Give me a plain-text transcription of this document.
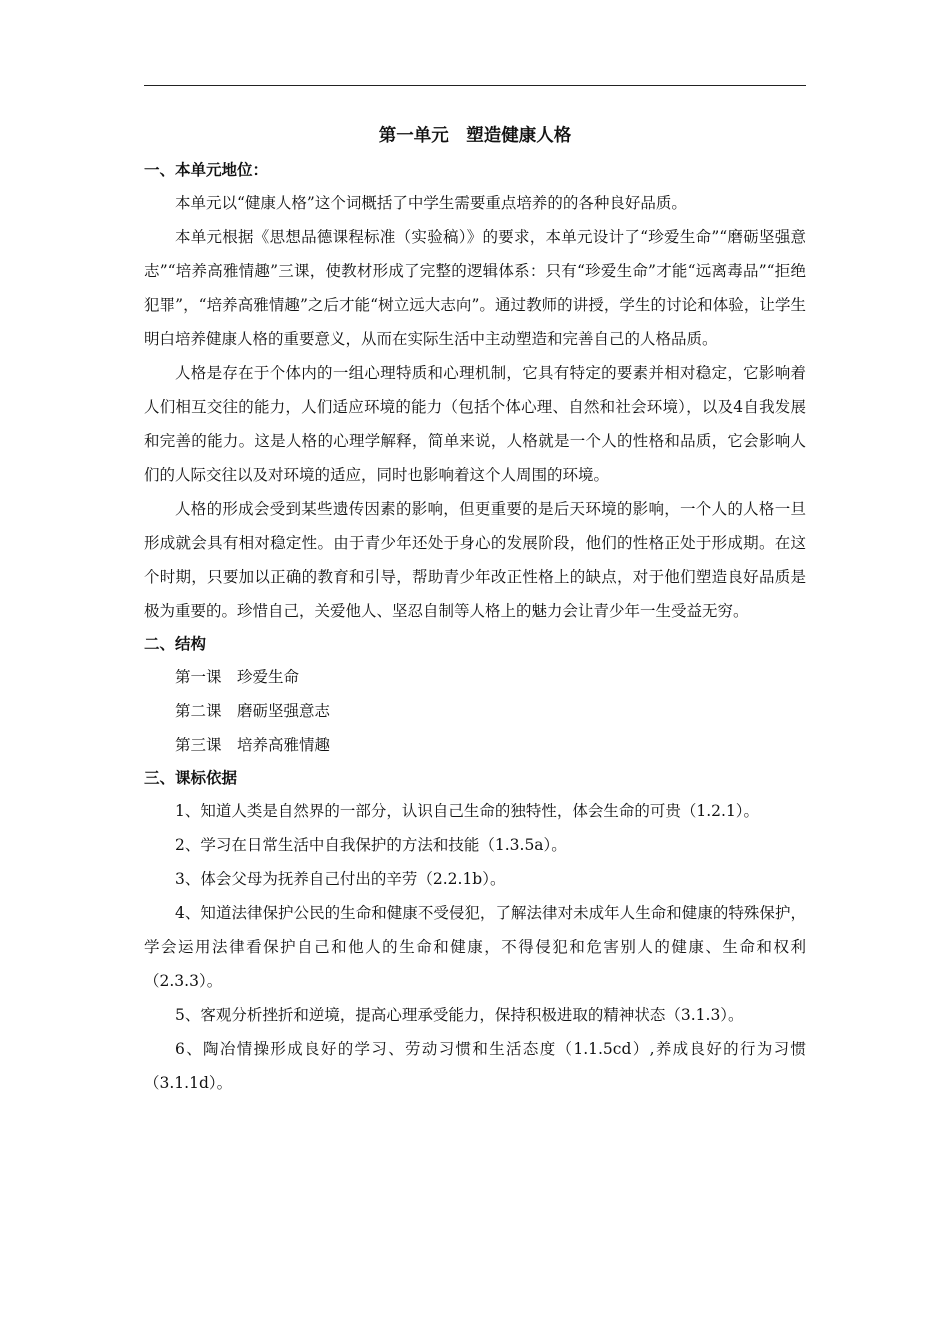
第一单元　塑造健康人格
一、本单元地位：

本单元以“健康人格”这个词概括了中学生需要重点培养的的各种良好品质。

本单元根据《思想品德课程标准（实验稿）》的要求，本单元设计了“珍爱生命”“磨砺坚强意志”“培养高雅情趣”三课，使教材形成了完整的逻辑体系：只有“珍爱生命”才能“远离毒品”“拒绝犯罪”，“培养高雅情趣”之后才能“树立远大志向”。通过教师的讲授，学生的讨论和体验，让学生明白培养健康人格的重要意义，从而在实际生活中主动塑造和完善自己的人格品质。

人格是存在于个体内的一组心理特质和心理机制，它具有特定的要素并相对稳定，它影响着人们相互交往的能力，人们适应环境的能力（包括个体心理、自然和社会环境），以及4自我发展和完善的能力。这是人格的心理学解释，简单来说，人格就是一个人的性格和品质，它会影响人们的人际交往以及对环境的适应，同时也影响着这个人周围的环境。

人格的形成会受到某些遗传因素的影响，但更重要的是后天环境的影响，一个人的人格一旦形成就会具有相对稳定性。由于青少年还处于身心的发展阶段，他们的性格正处于形成期。在这个时期，只要加以正确的教育和引导，帮助青少年改正性格上的缺点，对于他们塑造良好品质是极为重要的。珍惜自己，关爱他人、坚忍自制等人格上的魅力会让青少年一生受益无穷。

二、结构

第一课　珍爱生命

第二课　磨砺坚强意志

第三课　培养高雅情趣

三、课标依据

1、知道人类是自然界的一部分，认识自己生命的独特性，体会生命的可贵（1.2.1）。

2、学习在日常生活中自我保护的方法和技能（1.3.5a）。

3、体会父母为抚养自己付出的辛劳（2.2.1b）。

4、知道法律保护公民的生命和健康不受侵犯，了解法律对未成年人生命和健康的特殊保护，学会运用法律看保护自己和他人的生命和健康，不得侵犯和危害别人的健康、生命和权利（2.3.3）。

5、客观分析挫折和逆境，提高心理承受能力，保持积极进取的精神状态（3.1.3）。

6、陶冶情操形成良好的学习、劳动习惯和生活态度（1.1.5cd）,养成良好的行为习惯（3.1.1d）。
